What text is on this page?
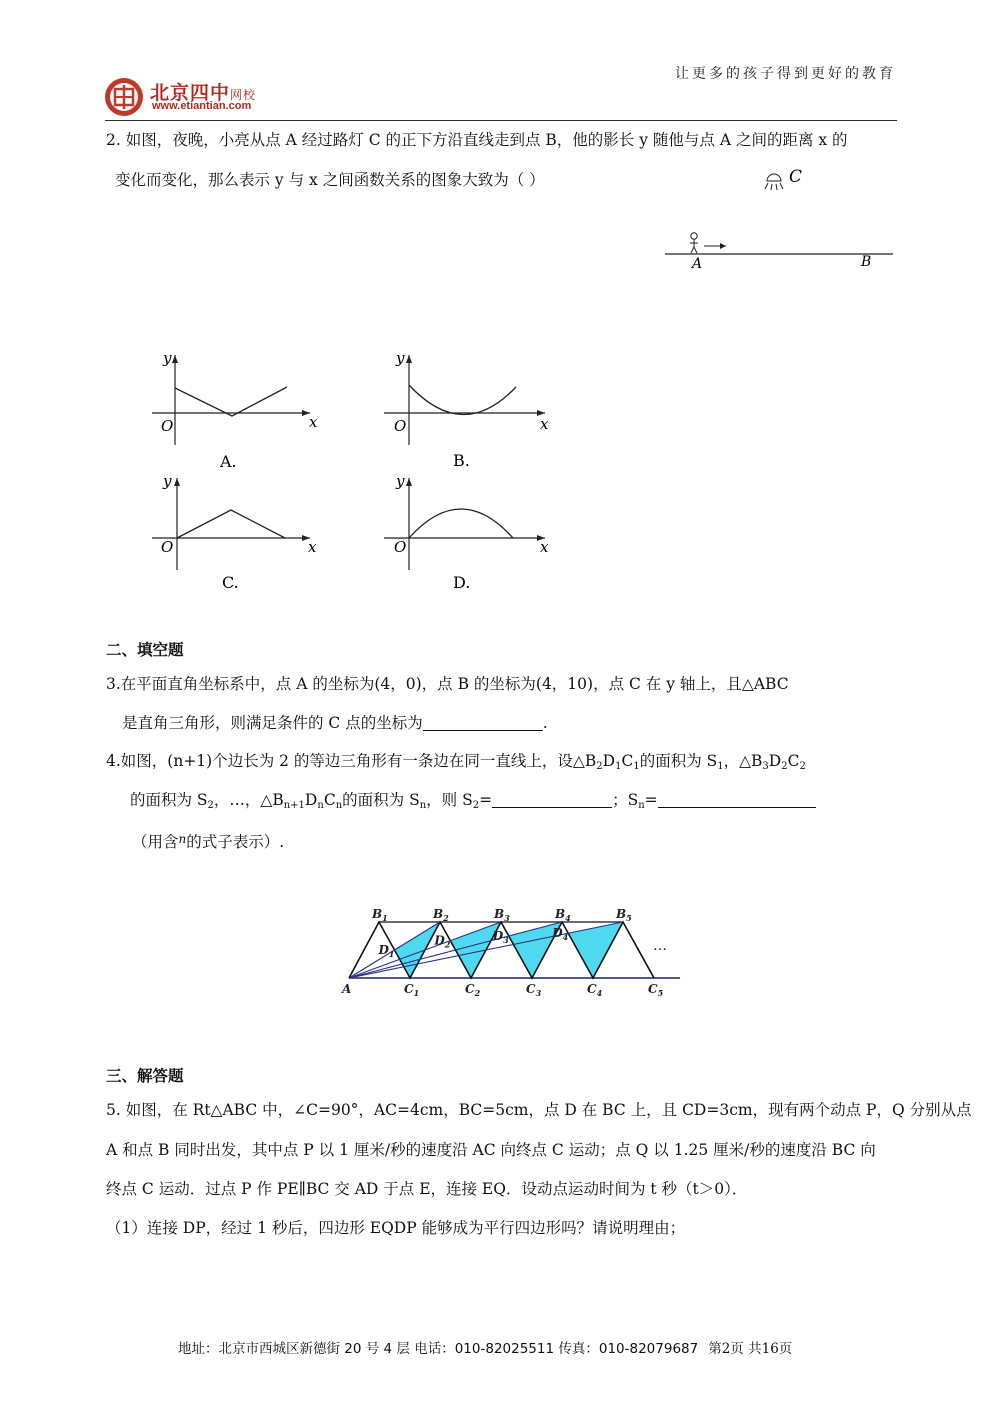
让更多的孩子得到更好的教育
北京四中网校
www.etiantian.com
2. 如图，夜晚，小亮从点 A 经过路灯 C 的正下方沿直线走到点 B，他的影长 y 随他与点 A 之间的距离 x 的
变化而变化，那么表示 y 与 x 之间函数关系的图象大致为（ ）	C
A	B
y
x
O
A.
y
x
O
B.
y
x
O
C.
y
x
O
D.
二、填空题
3.在平面直角坐标系中，点 A 的坐标为(4，0)，点 B 的坐标为(4，10)，点 C 在 y 轴上，且△ABC
是直角三角形，则满足条件的 C 点的坐标为	.
4.如图，(n+1)个边长为 2 的等边三角形有一条边在同一直线上，设$\triangle B_2D_1C_1$的面积为 $S_1$，$\triangle B_3D_2C_2$
的面积为 $S_2$，…，$\triangle B_{n+1}D_nC_n$的面积为 $S_n$，则 $S_2=$	；$S_n=$
（用含$^n$的式子表示）.
$B_1$	$B_2$	$B_3$	$B_4$	$B_5$
$D_1$
$D_2$
$D_3$	$D_4$
$C_1$	$C_2$	$C_3$	$C_4$	$C_5$
A
…
三、解答题
5. 如图，在 Rt△ABC 中，∠C=90°，AC=4cm，BC=5cm，点 D 在 BC 上，且 CD=3cm，现有两个动点 P，Q 分别从点
A 和点 B 同时出发，其中点 P 以 1 厘米/秒的速度沿 AC 向终点 C 运动；点 Q 以 1.25 厘米/秒的速度沿 BC 向
终点 C 运动．过点 P 作 PE∥BC 交 AD 于点 E，连接 EQ．设动点运动时间为 t 秒（t＞0）．
（1）连接 DP，经过 1 秒后，四边形 EQDP 能够成为平行四边形吗？请说明理由；
地址：北京市西城区新德街 20 号 4 层 电话：010-82025511 传真：010-82079687 第2页 共16页
